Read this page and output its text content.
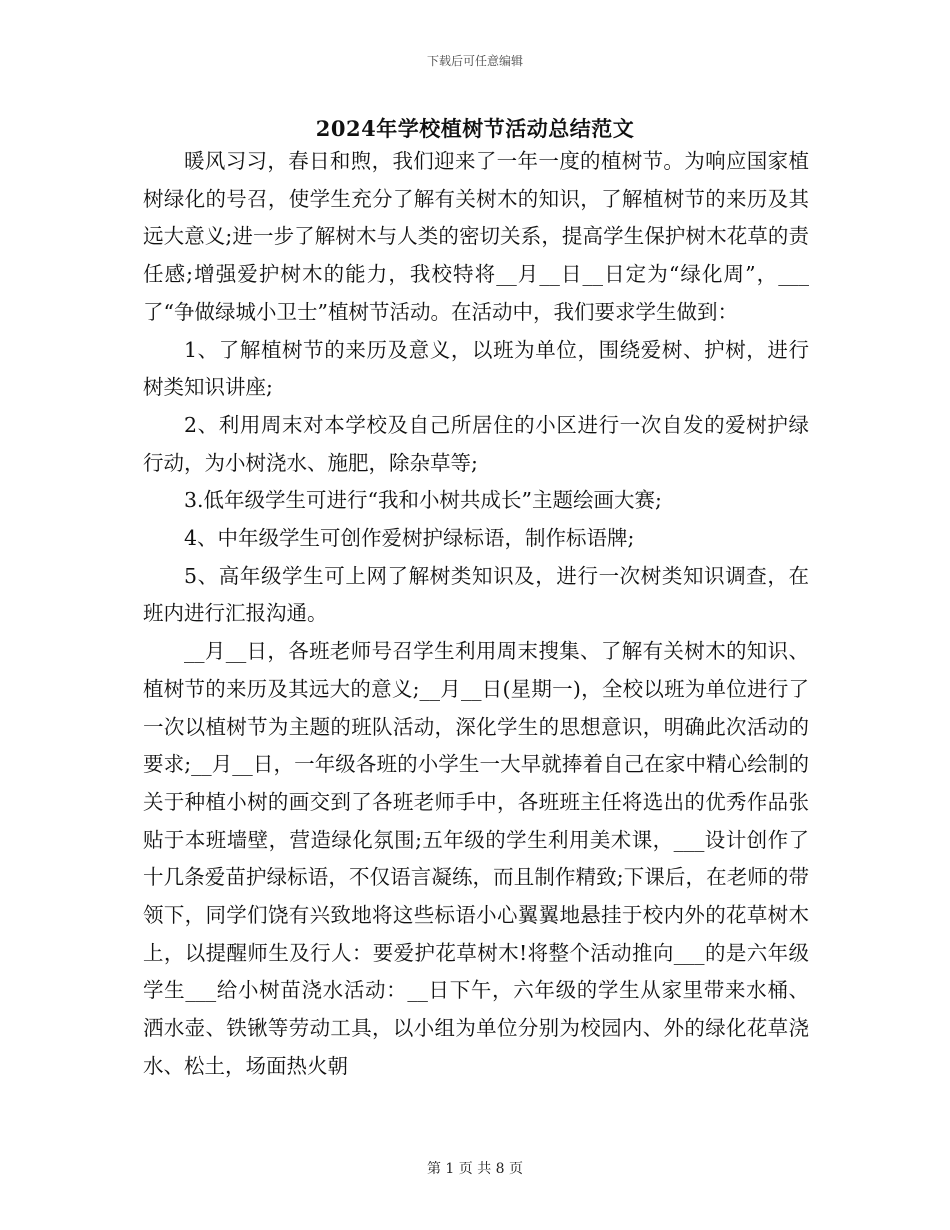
下载后可任意编辑
2024年学校植树节活动总结范文

暖风习习，春日和煦，我们迎来了一年一度的植树节。为响应国家植树绿化的号召，使学生充分了解有关树木的知识，了解植树节的来历及其远大意义;进一步了解树木与人类的密切关系，提高学生保护树木花草的责任感;增强爱护树木的能力，我校特将__月__日__日定为“绿化周”，___了“争做绿城小卫士”植树节活动。在活动中，我们要求学生做到：

1、了解植树节的来历及意义，以班为单位，围绕爱树、护树，进行树类知识讲座;

2、利用周末对本学校及自己所居住的小区进行一次自发的爱树护绿行动，为小树浇水、施肥，除杂草等;

3.低年级学生可进行“我和小树共成长”主题绘画大赛;

4、中年级学生可创作爱树护绿标语，制作标语牌;

5、高年级学生可上网了解树类知识及，进行一次树类知识调查，在班内进行汇报沟通。

__月__日，各班老师号召学生利用周末搜集、了解有关树木的知识、植树节的来历及其远大的意义;__月__日(星期一)，全校以班为单位进行了一次以植树节为主题的班队活动，深化学生的思想意识，明确此次活动的要求;__月__日，一年级各班的小学生一大早就捧着自己在家中精心绘制的关于种植小树的画交到了各班老师手中，各班班主任将选出的优秀作品张贴于本班墙壁，营造绿化氛围;五年级的学生利用美术课，___设计创作了十几条爱苗护绿标语，不仅语言凝练，而且制作精致;下课后，在老师的带领下，同学们饶有兴致地将这些标语小心翼翼地悬挂于校内外的花草树木上，以提醒师生及行人：要爱护花草树木!将整个活动推向___的是六年级学生___给小树苗浇水活动：__日下午，六年级的学生从家里带来水桶、洒水壶、铁锹等劳动工具，以小组为单位分别为校园内、外的绿化花草浇水、松土，场面热火朝

第 1 页 共 8 页
